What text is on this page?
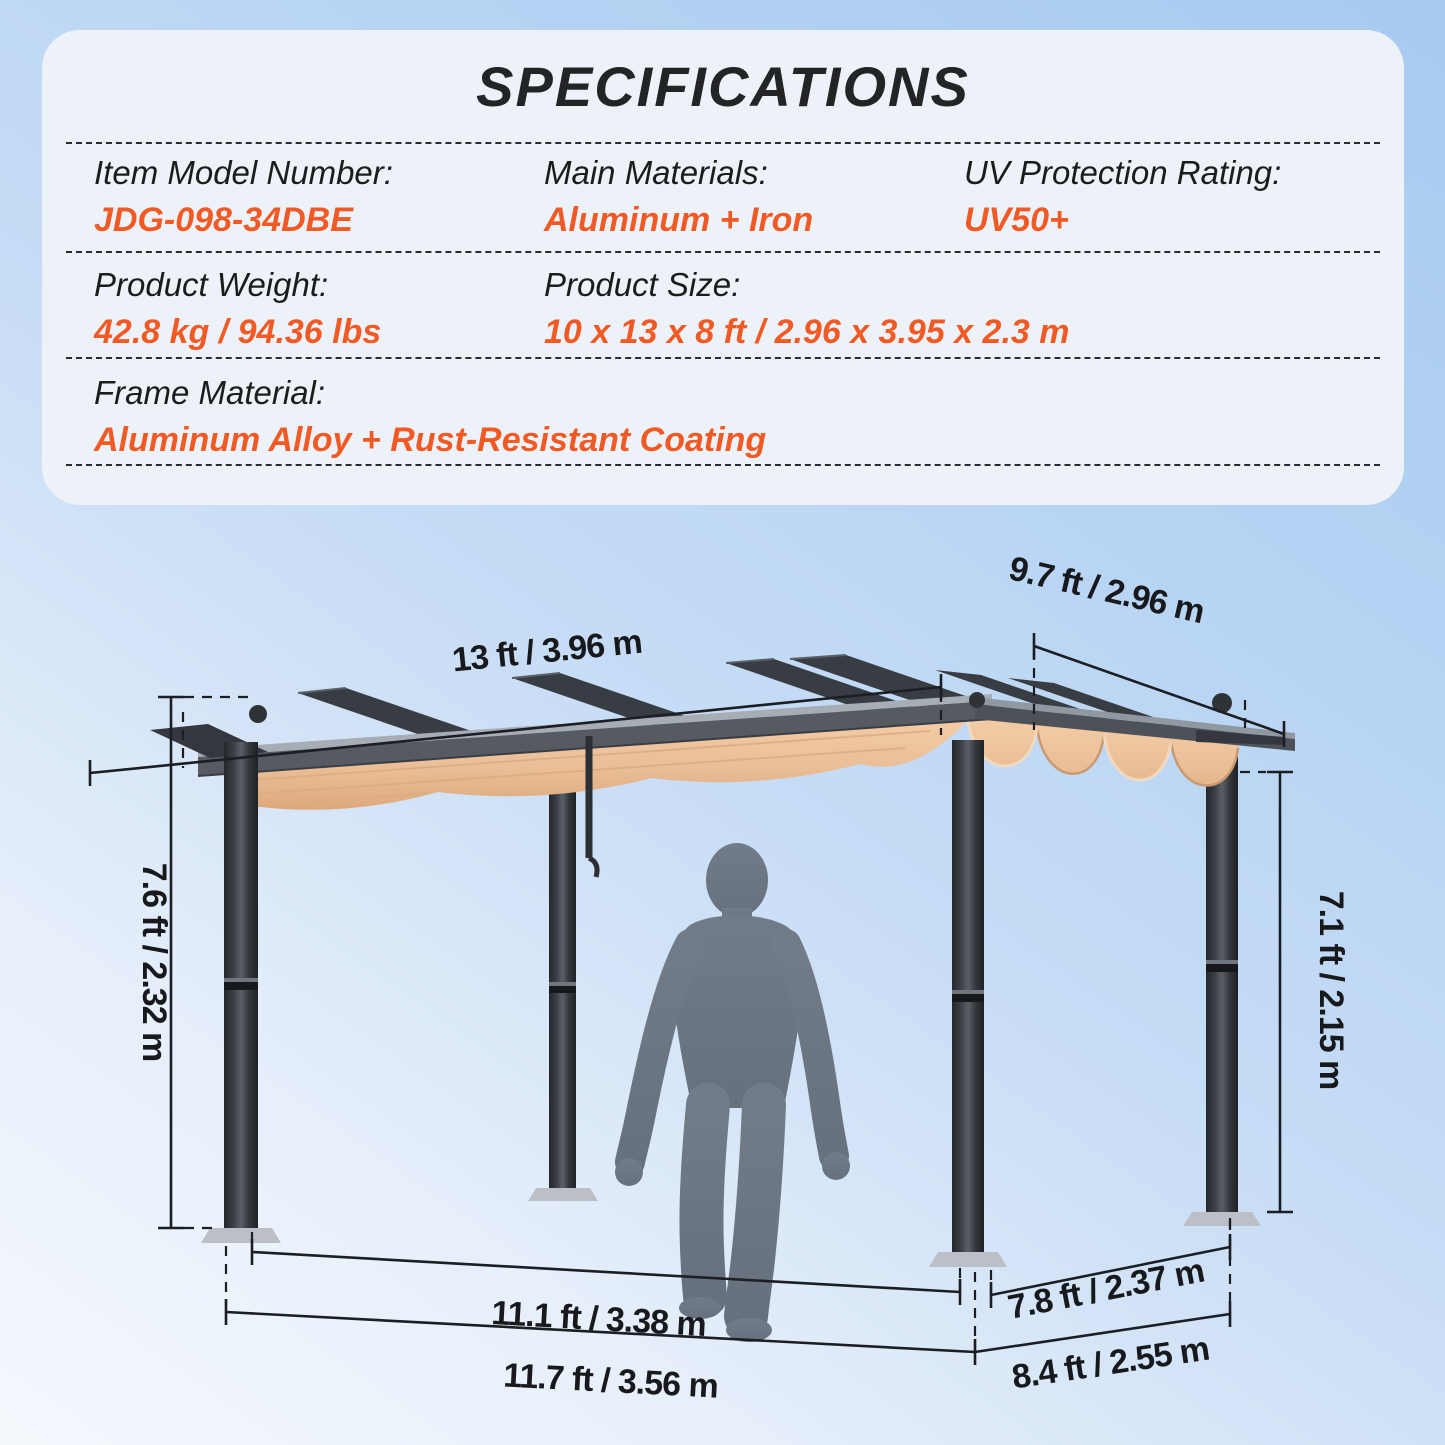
13 ft / 3.96 m
9.7 ft / 2.96 m
7.6 ft / 2.32 m	7.1 ft / 2.15 m
11.1 ft / 3.38 m
11.7 ft / 3.56 m
7.8 ft / 2.37 m
8.4 ft / 2.55 m
SPECIFICATIONS
Item Model Number:
JDG-098-34DBE
Main Materials:
Aluminum + Iron
UV Protection Rating:
UV50+
Product Weight:
42.8 kg / 94.36 lbs
Product Size:
10 x 13 x 8 ft / 2.96 x 3.95 x 2.3 m
Frame Material:
Aluminum Alloy + Rust-Resistant Coating
